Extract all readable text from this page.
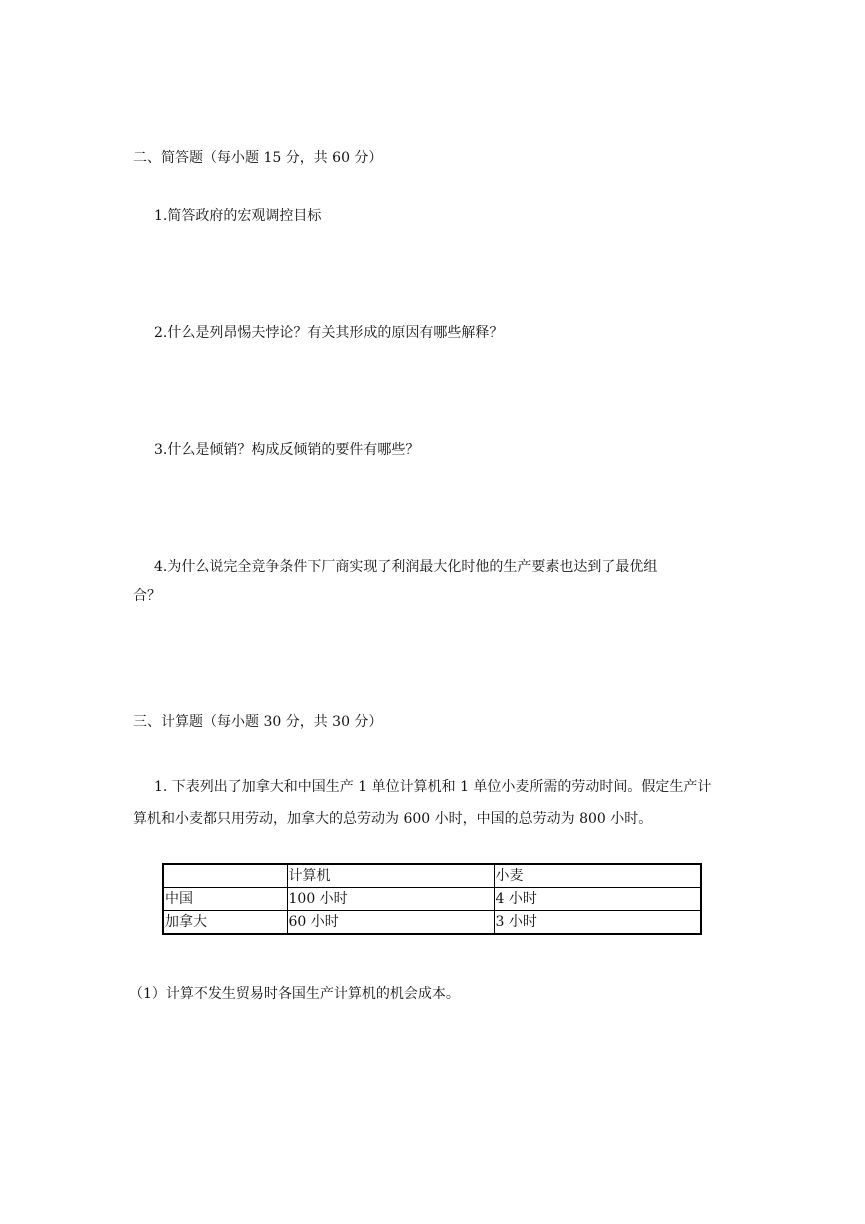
二、简答题（每小题 15 分，共 60 分）
1.简答政府的宏观调控目标
2.什么是列昂惕夫悖论？有关其形成的原因有哪些解释？
3.什么是倾销？构成反倾销的要件有哪些？
4.为什么说完全竞争条件下厂商实现了利润最大化时他的生产要素也达到了最优组
合？
三、计算题（每小题 30 分，共 30 分）
1. 下表列出了加拿大和中国生产 1 单位计算机和 1 单位小麦所需的劳动时间。假定生产计
算机和小麦都只用劳动，加拿大的总劳动为 600 小时，中国的总劳动为 800 小时。
	计算机	小麦
中国	100 小时	4 小时
加拿大	60 小时	3 小时
（1）计算不发生贸易时各国生产计算机的机会成本。
